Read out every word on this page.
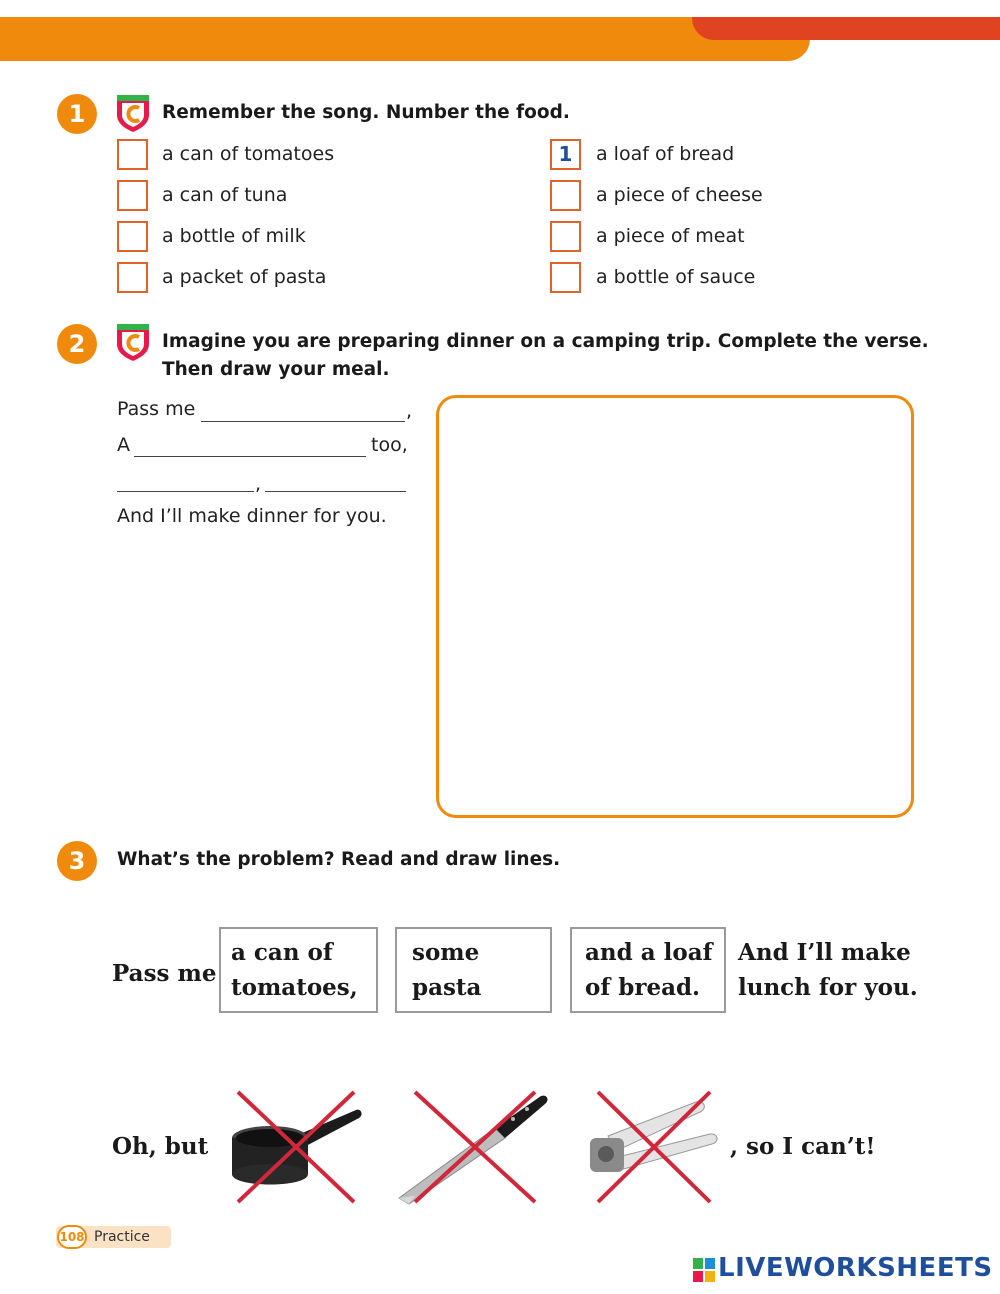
1	Remember the song. Number the food.
a can of tomatoes
a can of tuna
a bottle of milk
a packet of pasta
1	a loaf of bread
a piece of cheese
a piece of meat
a bottle of sauce
2	Imagine you are preparing dinner on a camping trip. Complete the verse.
Then draw your meal.
Pass me	,
A	too,
,
And I’ll make dinner for you.
3	What’s the problem? Read and draw lines.
Pass me
a can of
tomatoes,
some
pasta
and a loaf
of bread.
And I’ll make
lunch for you.
Oh, but	, so I can’t!
108 Practice
LIVEWORKSHEETS
